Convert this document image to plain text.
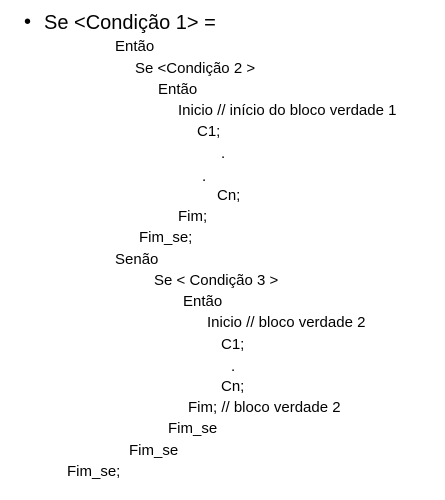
• Se <Condição 1> =
Então
Se <Condição 2 >
Então
Inicio // início do bloco verdade 1
C1;
.
.
Cn;
Fim;
Fim_se;
Senão
Se < Condição 3 >
Então
Inicio // bloco verdade 2
C1;
.
Cn;
Fim; // bloco verdade 2
Fim_se
Fim_se
Fim_se;
